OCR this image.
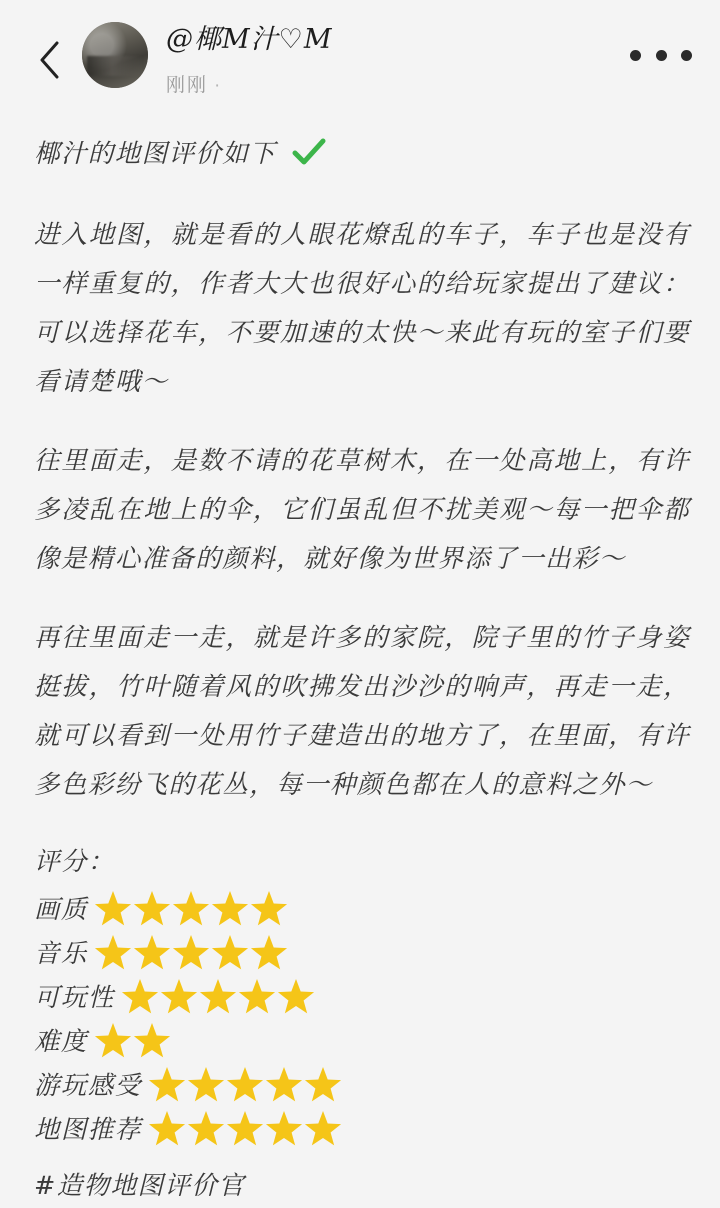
@椰M汁♡M
刚刚 ·

椰汁的地图评价如下

进入地图，就是看的人眼花燎乱的车子，车子也是没有一样重复的，作者大大也很好心的给玩家提出了建议：可以选择花车，不要加速的太快～来此有玩的室子们要看请楚哦～

往里面走，是数不请的花草树木，在一处高地上，有许多凌乱在地上的伞，它们虽乱但不扰美观～每一把伞都像是精心准备的颜料，就好像为世界添了一出彩～

再往里面走一走，就是许多的家院，院子里的竹子身姿挺拔，竹叶随着风的吹拂发出沙沙的响声，再走一走，就可以看到一处用竹子建造出的地方了，在里面，有许多色彩纷飞的花丛，每一种颜色都在人的意料之外～

评分：
画质
音乐
可玩性
难度
游玩感受
地图推荐
#造物地图评价官
